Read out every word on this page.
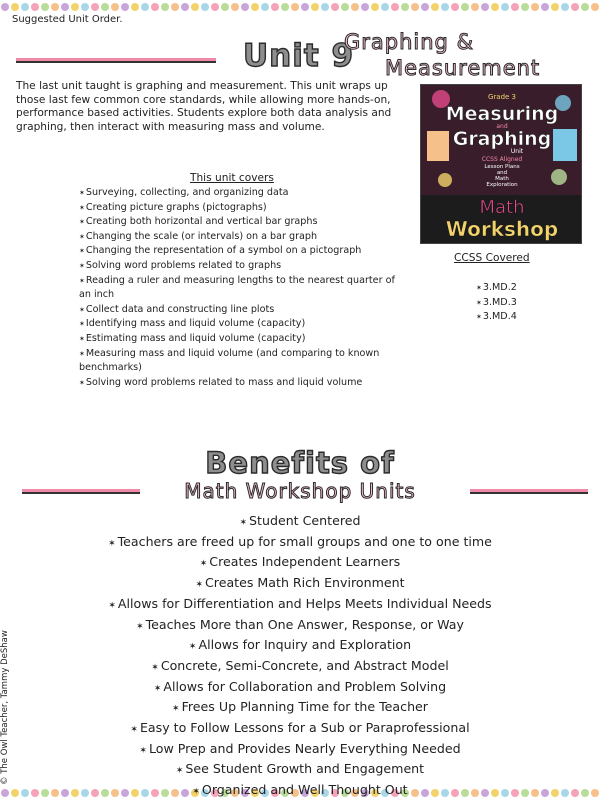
Suggested Unit Order.
Unit 9
Graphing &
Measurement

The last unit taught is graphing and measurement. This unit wraps up those last few common core standards, while allowing more hands-on, performance based activities. Students explore both data analysis and graphing, then interact with measuring mass and volume.

This unit covers
✶ Surveying, collecting, and organizing data
✶ Creating picture graphs (pictographs)
✶ Creating both horizontal and vertical bar graphs
✶ Changing the scale (or intervals) on a bar graph
✶ Changing the representation of a symbol on a pictograph
✶ Solving word problems related to graphs
✶ Reading a ruler and measuring lengths to the nearest quarter of an inch
✶ Collect data and constructing line plots
✶ Identifying mass and liquid volume (capacity)
✶ Estimating mass and liquid volume (capacity)
✶ Measuring mass and liquid volume (and comparing to known benchmarks)
✶ Solving word problems related to mass and liquid volume
Grade 3
Measuring
and
Graphing
Unit
CCSS Aligned
Lesson Plans
and
Math
Exploration
Math
Workshop
CCSS Covered
✶ 3.MD.2
✶ 3.MD.3
✶ 3.MD.4
Benefits of
Math Workshop Units
✶ Student Centered
✶ Teachers are freed up for small groups and one to one time
✶ Creates Independent Learners
✶ Creates Math Rich Environment
✶ Allows for Differentiation and Helps Meets Individual Needs
✶ Teaches More than One Answer, Response, or Way
✶ Allows for Inquiry and Exploration
✶ Concrete, Semi-Concrete, and Abstract Model
✶ Allows for Collaboration and Problem Solving
✶ Frees Up Planning Time for the Teacher
✶ Easy to Follow Lessons for a Sub or Paraprofessional
✶ Low Prep and Provides Nearly Everything Needed
✶ See Student Growth and Engagement
✶ Organized and Well Thought Out
© The Owl Teacher, Tammy DeShaw
